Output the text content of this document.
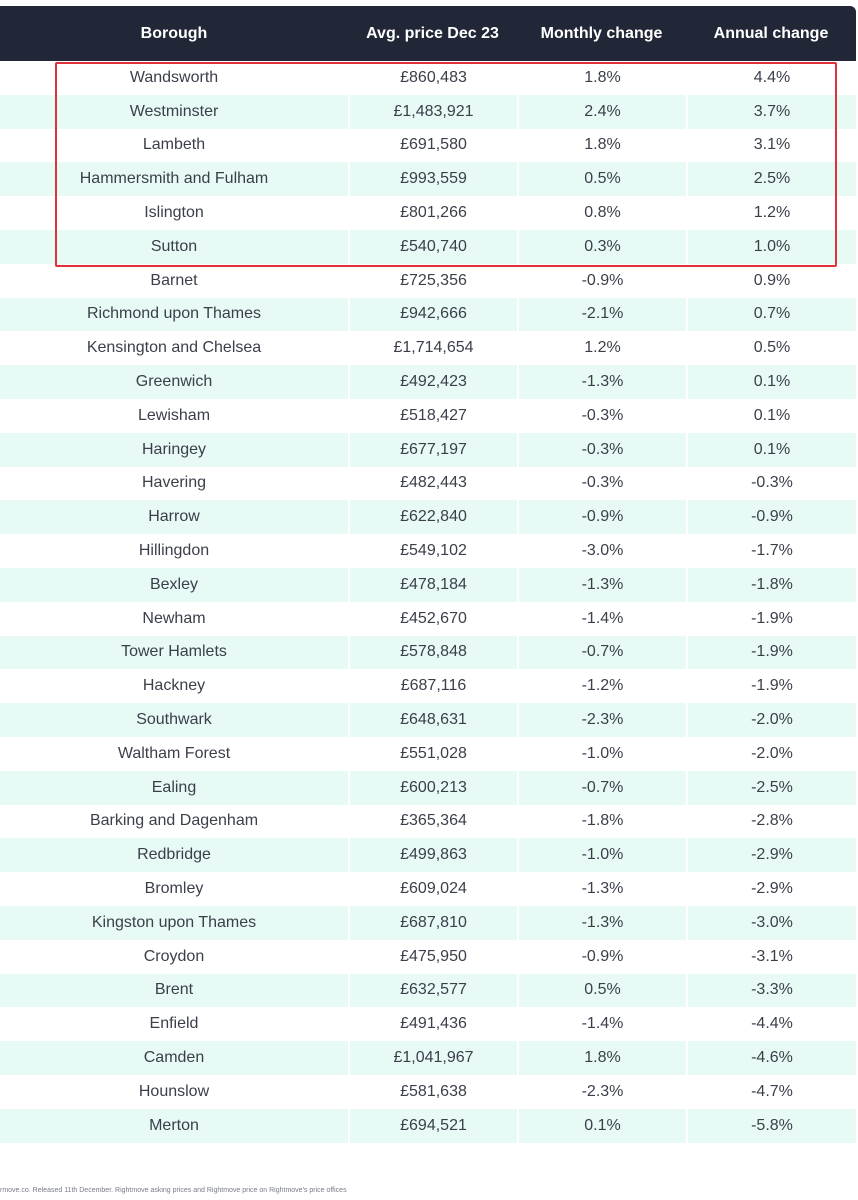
Borough	Avg. price Dec 23	Monthly change	Annual change
Wandsworth	£860,483	1.8%	4.4%
Westminster	£1,483,921	2.4%	3.7%
Lambeth	£691,580	1.8%	3.1%
Hammersmith and Fulham	£993,559	0.5%	2.5%
Islington	£801,266	0.8%	1.2%
Sutton	£540,740	0.3%	1.0%
Barnet	£725,356	-0.9%	0.9%
Richmond upon Thames	£942,666	-2.1%	0.7%
Kensington and Chelsea	£1,714,654	1.2%	0.5%
Greenwich	£492,423	-1.3%	0.1%
Lewisham	£518,427	-0.3%	0.1%
Haringey	£677,197	-0.3%	0.1%
Havering	£482,443	-0.3%	-0.3%
Harrow	£622,840	-0.9%	-0.9%
Hillingdon	£549,102	-3.0%	-1.7%
Bexley	£478,184	-1.3%	-1.8%
Newham	£452,670	-1.4%	-1.9%
Tower Hamlets	£578,848	-0.7%	-1.9%
Hackney	£687,116	-1.2%	-1.9%
Southwark	£648,631	-2.3%	-2.0%
Waltham Forest	£551,028	-1.0%	-2.0%
Ealing	£600,213	-0.7%	-2.5%
Barking and Dagenham	£365,364	-1.8%	-2.8%
Redbridge	£499,863	-1.0%	-2.9%
Bromley	£609,024	-1.3%	-2.9%
Kingston upon Thames	£687,810	-1.3%	-3.0%
Croydon	£475,950	-0.9%	-3.1%
Brent	£632,577	0.5%	-3.3%
Enfield	£491,436	-1.4%	-4.4%
Camden	£1,041,967	1.8%	-4.6%
Hounslow	£581,638	-2.3%	-4.7%
Merton	£694,521	0.1%	-5.8%
rmove.co. Released 11th December. Rightmove asking prices and Rightmove price on Rightmove's price offices
